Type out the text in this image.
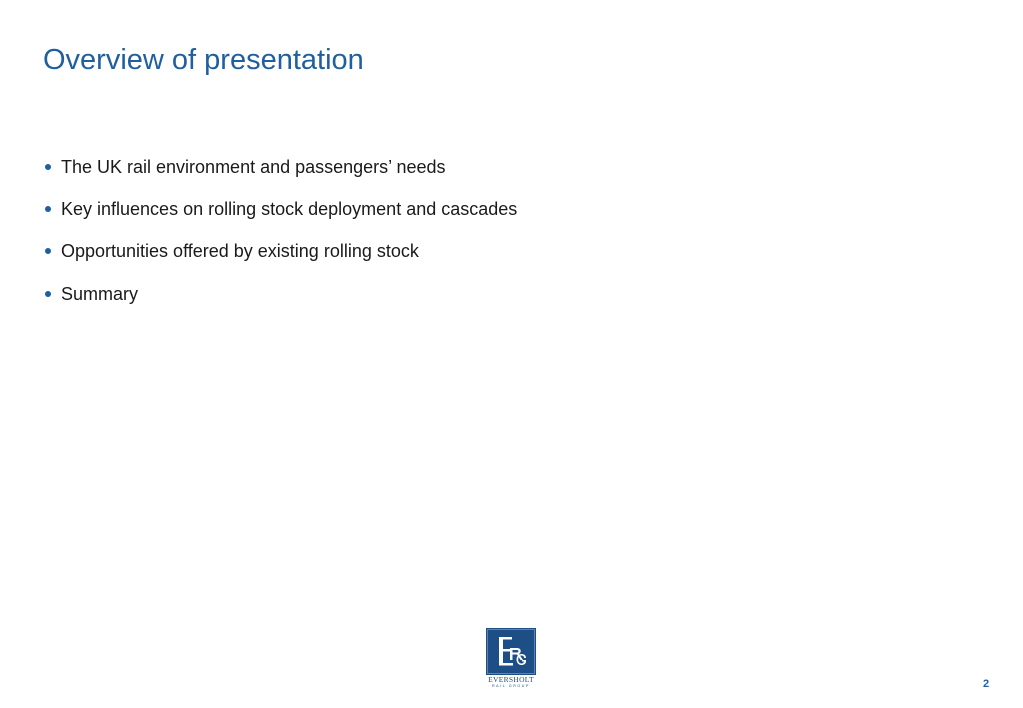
Overview of presentation
The UK rail environment and passengers’ needs
Key influences on rolling stock deployment and cascades
Opportunities offered by existing rolling stock
Summary
EVERSHOLT
RAIL GROUP	2
